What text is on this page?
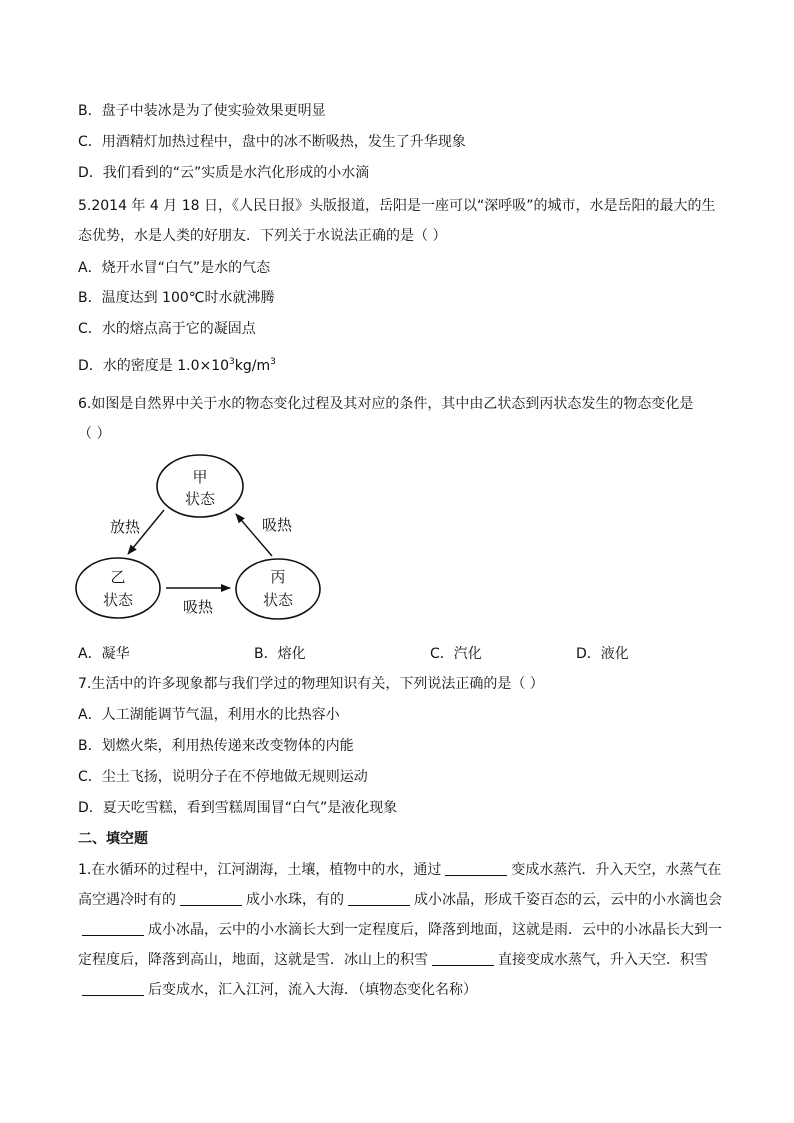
B．盘子中装冰是为了使实验效果更明显
C．用酒精灯加热过程中，盘中的冰不断吸热，发生了升华现象
D．我们看到的“云”实质是水汽化形成的小水滴
5.2014 年 4 月 18 日，《人民日报》头版报道，岳阳是一座可以“深呼吸”的城市，水是岳阳的最大的生
态优势，水是人类的好朋友．下列关于水说法正确的是（ ）
A．烧开水冒“白气”是水的气态
B．温度达到 100℃时水就沸腾
C．水的熔点高于它的凝固点
D．水的密度是 $1.0\times 10^3kg/m^3$
6.如图是自然界中关于水的物态变化过程及其对应的条件，其中由乙状态到丙状态发生的物态变化是
（ ）
甲
状态
乙
状态
丙
状态
放热	吸热
吸热
A．凝华	B．熔化	C．汽化	D．液化
7.生活中的许多现象都与我们学过的物理知识有关，下列说法正确的是（ ）
A．人工湖能调节气温，利用水的比热容小
B．划燃火柴，利用热传递来改变物体的内能
C．尘土飞扬，说明分子在不停地做无规则运动
D．夏天吃雪糕，看到雪糕周围冒“白气”是液化现象
二、填空题
1.在水循环的过程中，江河湖海，土壤，植物中的水，通过	变成水蒸汽．升入天空，水蒸气在高空遇冷时有的	成小水珠，有的	成小冰晶，形成千姿百态的云，云中的小水滴也会成小冰晶，云中的小水滴长大到一定程度后，降落到地面，这就是雨．云中的小冰晶长大到一定程度后，降落到高山，地面，这就是雪．冰山上的积雪	直接变成水蒸气，升入天空．积雪后变成水，汇入江河，流入大海．（填物态变化名称）
